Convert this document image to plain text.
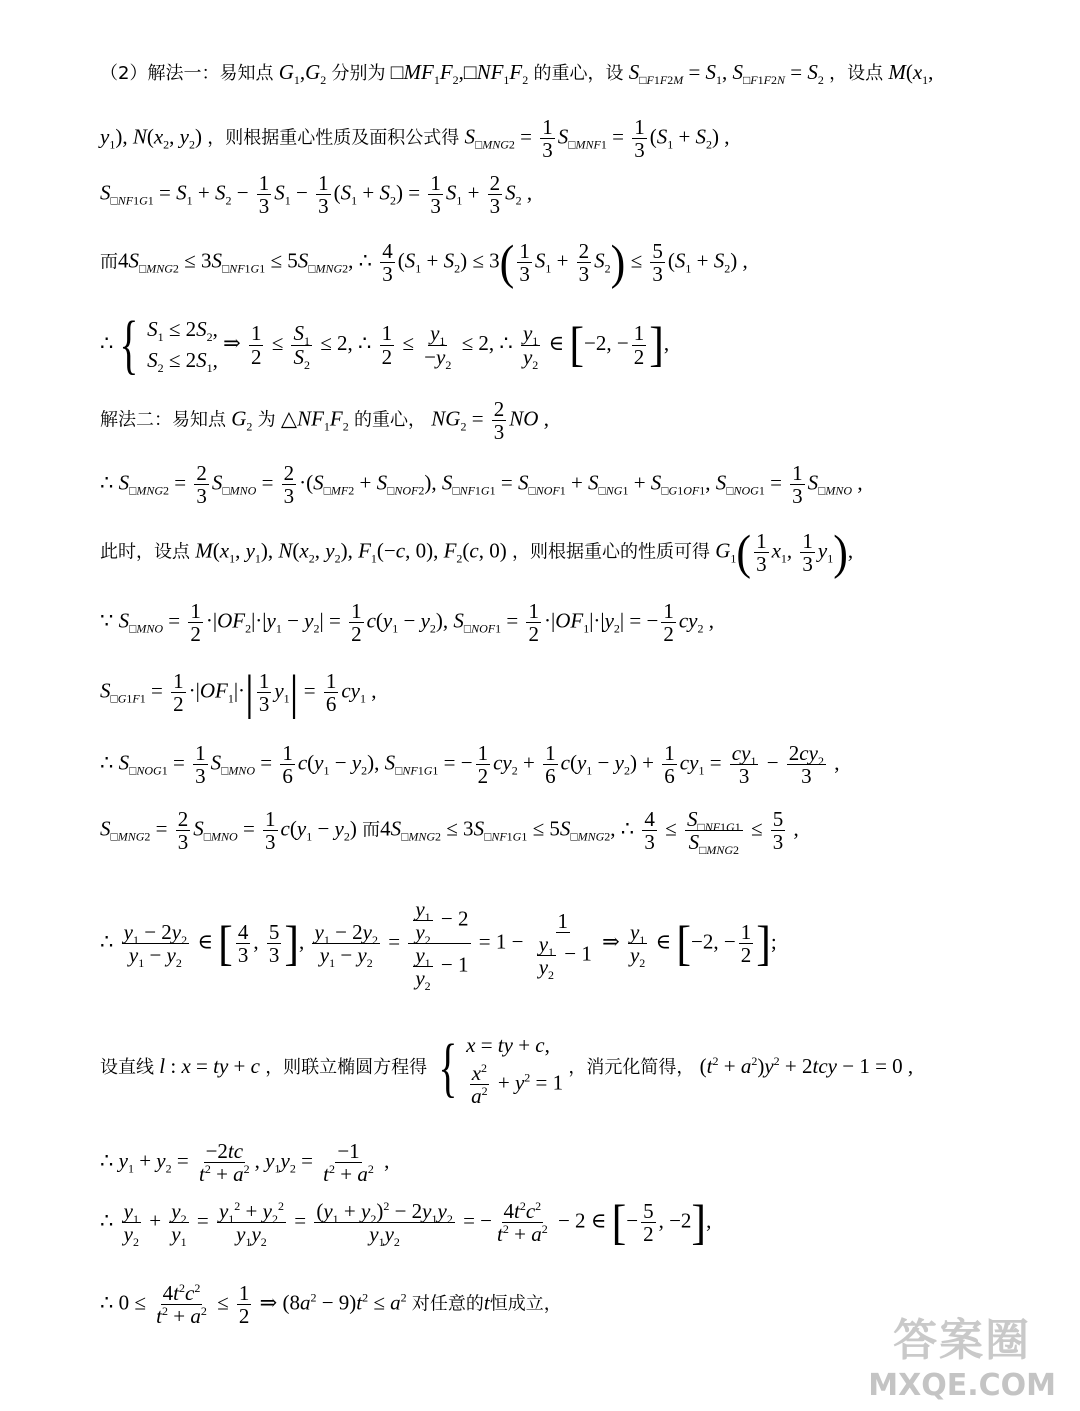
（2）解法一：易知点 $G_1,G_2$ 分别为 $□MF_1F_2,□NF_1F_2$ 的重心，设 $S_{□F1F2M} = S_1$, $S_{□F1F2N} = S_2$ ，设点 $M(x_1$,
$y_1$), $N(x_2$, $y_2$) ，则根据重心性质及面积公式得 $S_{□MNG2} = \frac{1}{3} S_{□MNF1} = \frac{1}{3} (S_1 + S_2)$ ,
$S_{□NF1G1} = S_1 + S_2 - \frac{1}{3} S_1 - \frac{1}{3} (S_1 + S_2) = \frac{1}{3} S_1 + \frac{2}{3} S_2$ ,
而$4S_{□MNG2} \le 3S_{□NF1G1} \le 5S_{□MNG2}$, ∴ $\frac{4}{3} (S_1 + S_2) \le 3( \frac{1}{3} S_1 + \frac{2}{3} S_2) \le \frac{5}{3} (S_1 + S_2)$ ,
∴{ $S_1 \le 2S_2$,
$S_2 \le 2S_1$,
⇒ $\frac{1}{2} \le \frac{S_1}{S_2} \le 2$, ∴ $\frac{1}{2} \le \frac{y_1}{-y_2} \le 2$, ∴ $\frac{y_1}{y_2}$ ∈ [−2, − $\frac{1}{2}$ ],
解法二：易知点 $G_2$ 为 $\triangle NF_1F_2$ 的重心， $NG_2 = \frac{2}{3}$ NO ,
∴ $S_{□MNG2} = \frac{2}{3} S_{□MNO} = \frac{2}{3} \cdot(S_{□MF2} + S_{□NOF2})$, $S_{□NF1G1} = S_{□NOF1} + S_{□NG1} + S_{□G1OF1}$, $S_{□NOG1} = \frac{1}{3} S_{□MNO}$ ,
此时，设点 $M(x_1$, $y_1$), $N(x_2$, $y_2$), $F_1(-c$, 0), $F_2(c$, 0) ，则根据重心的性质可得 $G_1( \frac{1}{3} x_1$, $\frac{1}{3} y_1$),
∵ $S_{□MNO} = \frac{1}{2} \cdot|OF_2|\cdot|y_1 - y_2| = \frac{1}{2} c(y_1 - y_2)$, $S_{□NOF1} = \frac{1}{2} \cdot|OF_1|\cdot|y_2|$ = − $\frac{1}{2} cy_2$ ,
$S_{□G1F1} = \frac{1}{2} \cdot|OF_1|\cdot| \frac{1}{3} y_1| = \frac{1}{6} cy_1$ ,
∴ $S_{□NOG1} = \frac{1}{3} S_{□MNO} = \frac{1}{6} c(y_1 - y_2)$, $S_{□NF1G1}$ = − $\frac{1}{2} cy_2 + \frac{1}{6} c(y_1 - y_2) + \frac{1}{6} cy_1 = \frac{cy_1}{3} - \frac{2cy_2}{3}$ ,
$S_{□MNG2} = \frac{2}{3} S_{□MNO} = \frac{1}{3} c(y_1 - y_2)$ 而$4S_{□MNG2} \le 3S_{□NF1G1} \le 5S_{□MNG2}$, ∴ $\frac{4}{3} \le \frac{S_{□NF1G1}}{S_{□MNG2}} \le \frac{5}{3}$ ,
∴ $\frac{y_1 - 2y_2}{y_1 - y_2}$ ∈ [ $\frac{4}{3}$ , $\frac{5}{3}$ ], $\frac{y_1 - 2y_2}{y_1 - y_2} = \frac{\frac{y_1}{y_2} - 2}{\frac{y_1}{y_2} - 1} = 1 - \frac{1}{\frac{y_1}{y_2} - 1}$ ⇒ $\frac{y_1}{y_2}$ ∈ [−2, − $\frac{1}{2}$ ];
设直线 l : x = ty + c ，则联立椭圆方程得 { x = ty + c,
$\frac{x^2}{a^2} + y^2 = 1$
，消元化简得， $(t^2 + a^2)y^2 + 2tcy - 1 = 0$ ,
∴ $y_1 + y_2 = \frac{-2tc}{t^2 + a^2}$ , $y_1y_2 = \frac{-1}{t^2 + a^2}$ ,
∴ $\frac{y_1}{y_2} + \frac{y_2}{y_1} = \frac{y_1^2 + y_2^2}{y_1y_2} = \frac{(y_1 + y_2)^2 - 2y_1y_2}{y_1y_2}$ = − $\frac{4t^2c^2}{t^2 + a^2} - 2$ ∈ [− $\frac{5}{2}$ , −2],
∴ $0 \le \frac{4t^2c^2}{t^2 + a^2} \le \frac{1}{2}$ ⇒ $(8a^2 - 9)t^2 \le a^2$ 对任意的t恒成立，
答案圈
MXQE.COM
